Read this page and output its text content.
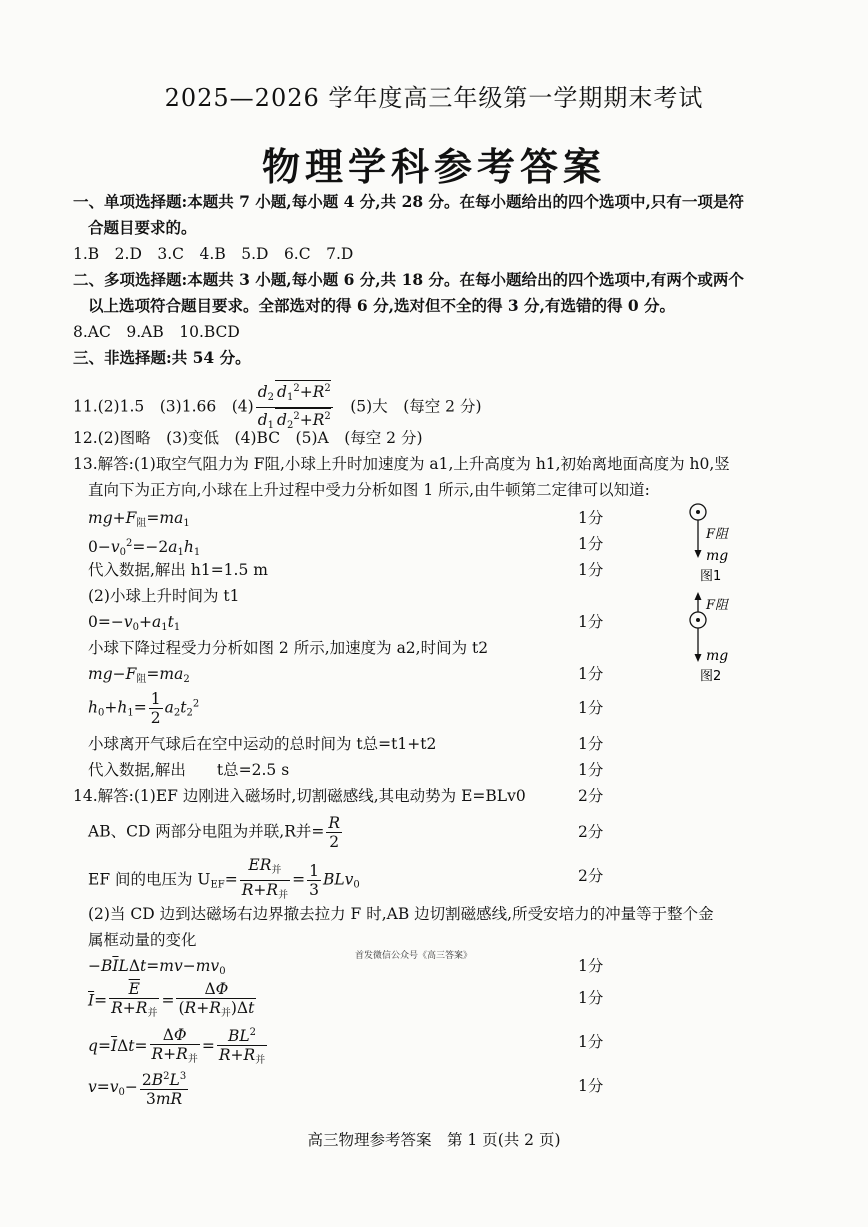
2025—2026 学年度高三年级第一学期期末考试
物理学科参考答案
一、单项选择题:本题共 7 小题,每小题 4 分,共 28 分。在每小题给出的四个选项中,只有一项是符
合题目要求的。
1.B　2.D　3.C　4.B　5.D　6.C　7.D
二、多项选择题:本题共 3 小题,每小题 6 分,共 18 分。在每小题给出的四个选项中,有两个或两个
以上选项符合题目要求。全部选对的得 6 分,选对但不全的得 3 分,有选错的得 0 分。
8.AC　9.AB　10.BCD
三、非选择题:共 54 分。
11.(2)1.5　(3)1.66　$(4) \frac{d_2 d_1^2+R^2}{d_1 d_2^2+R^2}$
　 (5)大　(每空 2 分)
12.(2)图略　(3)变低　(4)BC　(5)A　(每空 2 分)
13.解答:(1)取空气阻力为 F阻,小球上升时加速度为 a1,上升高度为 h1,初始离地面高度为 h0,竖
直向下为正方向,小球在上升过程中受力分析如图 1 所示,由牛顿第二定律可以知道:
$mg+F_阻=ma_1$	1分
$0-v_0^2=-2a_1h_1$	1分
代入数据,解出 h1=1.5 m	1分
(2)小球上升时间为 t1
$0=-v_0+a_1t_1$	1分
小球下降过程受力分析如图 2 所示,加速度为 a2,时间为 t2
$mg-F_阻=ma_2$	1分
$h_0+h_1= \frac{1}{2} a_2t_2^2$	1分
小球离开气球后在空中运动的总时间为 t总=t1+t2	1分
代入数据,解出　　t总=2.5 s	1分
F阻
mg
图1
F阻
mg
图2
14.解答:(1)EF 边刚进入磁场时,切割磁感线,其电动势为 E=BLv0	2分
AB、CD 两部分电阻为并联,R并= $\frac{R}{2}$	2分
EF 间的电压为 $U_{EF}= \frac{ER_并}{R+R_并} = \frac{1}{3} BLv_0$	2分
(2)当 CD 边到达磁场右边界撤去拉力 F 时,AB 边切割磁感线,所受安培力的冲量等于整个金
属框动量的变化
$-B\overline{I}L\Delta t=mv-mv_0$	1分
首发微信公众号《高三答案》
$\overline{I}= \frac{\overline{E}}{R+R_并} = \frac{\Delta\Phi}{(R+R_并)\Delta t}$	1分
$q=\overline{I}\Delta t= \frac{\Delta\Phi}{R+R_并} = \frac{BL^2}{R+R_并}$	1分
$v=v_0- \frac{2B^2L^3}{3mR}$	1分
高三物理参考答案　第 1 页(共 2 页)
